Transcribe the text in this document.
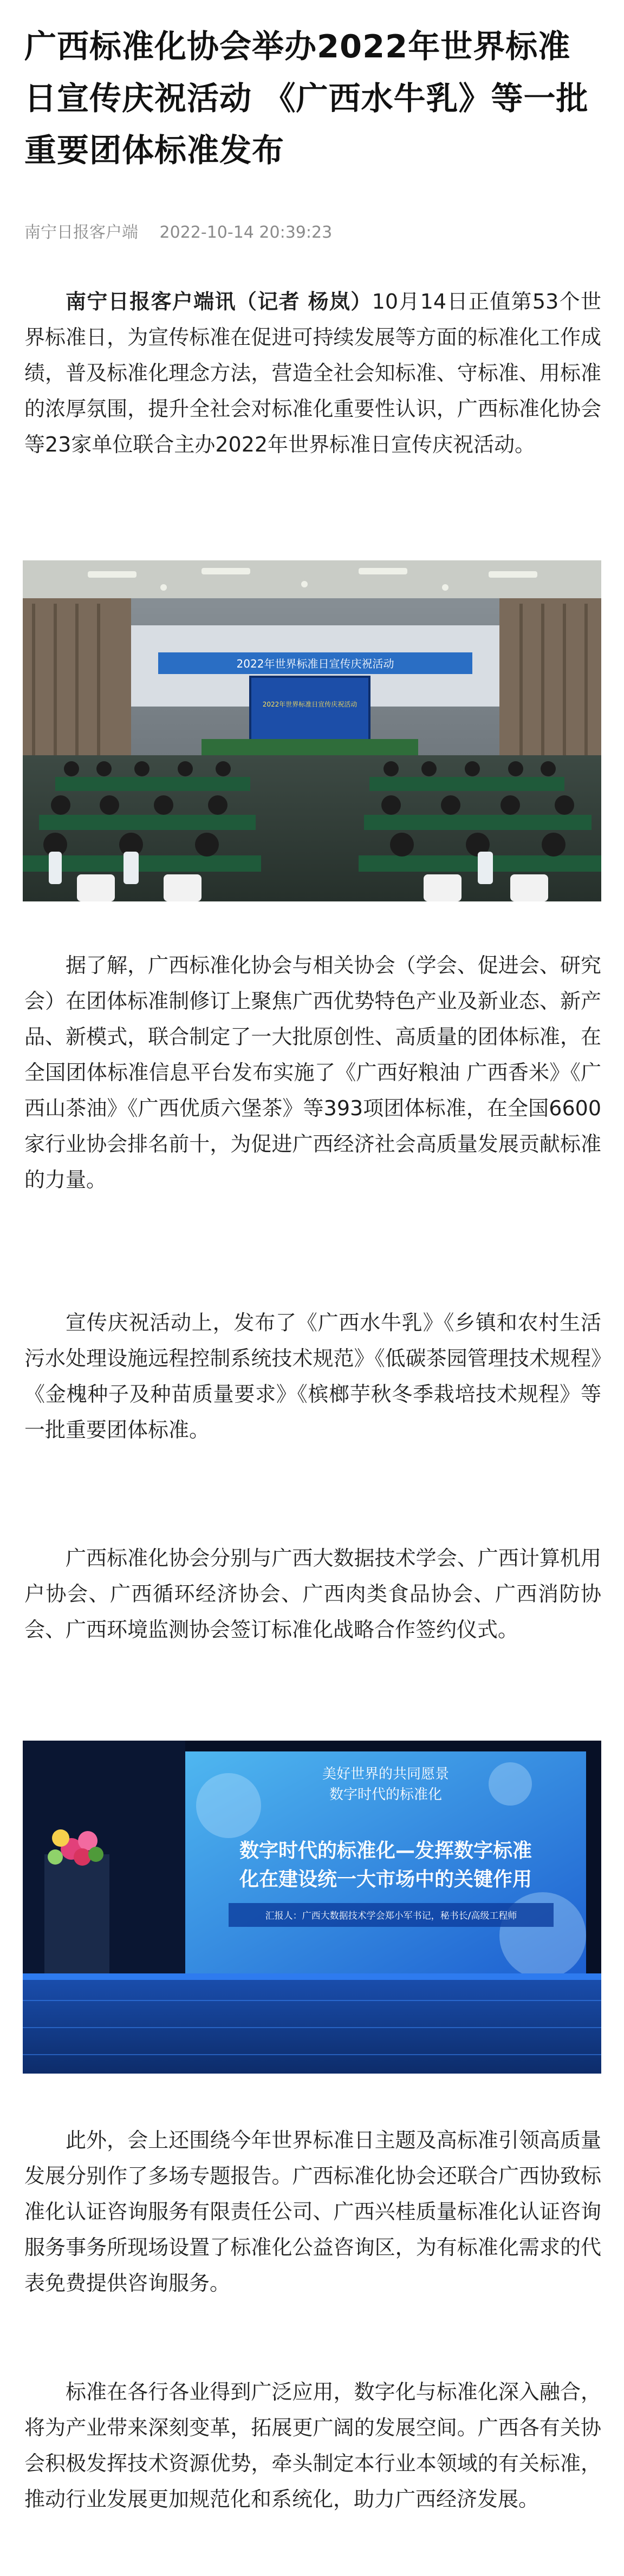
广西标准化协会举办2022年世界标准日宣传庆祝活动 《广西水牛乳》等一批重要团体标准发布
南宁日报客户端 2022-10-14 20:39:23

南宁日报客户端讯（记者 杨岚）10月14日正值第53个世界标准日，为宣传标准在促进可持续发展等方面的标准化工作成绩，普及标准化理念方法，营造全社会知标准、守标准、用标准的浓厚氛围，提升全社会对标准化重要性认识，广西标准化协会等23家单位联合主办2022年世界标准日宣传庆祝活动。

2022年世界标准日宣传庆祝活动
2022年世界标准日宣传庆祝活动

据了解，广西标准化协会与相关协会（学会、促进会、研究会）在团体标准制修订上聚焦广西优势特色产业及新业态、新产品、新模式，联合制定了一大批原创性、高质量的团体标准，在全国团体标准信息平台发布实施了《广西好粮油 广西香米》《广西山茶油》《广西优质六堡茶》等393项团体标准，在全国6600家行业协会排名前十，为促进广西经济社会高质量发展贡献标准的力量。

宣传庆祝活动上，发布了《广西水牛乳》《乡镇和农村生活污水处理设施远程控制系统技术规范》《低碳茶园管理技术规程》《金槐种子及种苗质量要求》《槟榔芋秋冬季栽培技术规程》等一批重要团体标准。

广西标准化协会分别与广西大数据技术学会、广西计算机用户协会、广西循环经济协会、广西肉类食品协会、广西消防协会、广西环境监测协会签订标准化战略合作签约仪式。

美好世界的共同愿景
数字时代的标准化
数字时代的标准化—发挥数字标准
化在建设统一大市场中的关键作用
汇报人：广西大数据技术学会郑小军书记，秘书长/高级工程师

此外，会上还围绕今年世界标准日主题及高标准引领高质量发展分别作了多场专题报告。广西标准化协会还联合广西协致标准化认证咨询服务有限责任公司、广西兴桂质量标准化认证咨询服务事务所现场设置了标准化公益咨询区，为有标准化需求的代表免费提供咨询服务。

标准在各行各业得到广泛应用，数字化与标准化深入融合，将为产业带来深刻变革，拓展更广阔的发展空间。广西各有关协会积极发挥技术资源优势，牵头制定本行业本领域的有关标准，推动行业发展更加规范化和系统化，助力广西经济发展。
